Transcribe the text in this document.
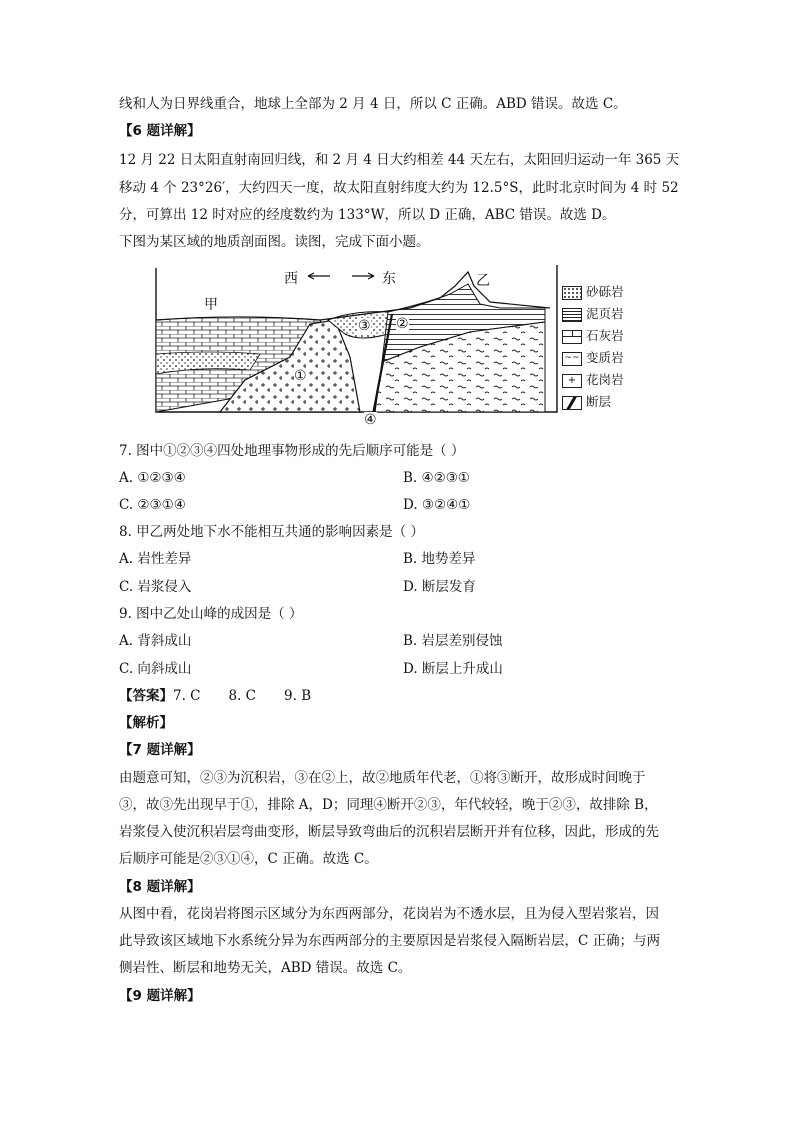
线和人为日界线重合，地球上全部为 2 月 4 日，所以 C 正确。ABD 错误。故选 C。
【6 题详解】
12 月 22 日太阳直射南回归线，和 2 月 4 日大约相差 44 天左右，太阳回归运动一年 365 天
移动 4 个 23°26′，大约四天一度，故太阳直射纬度大约为 12.5°S，此时北京时间为 4 时 52
分，可算出 12 时对应的经度数约为 133°W，所以 D 正确，ABC 错误。故选 D。
下图为某区域的地质剖面图。读图，完成下面小题。
西	东
甲
乙
①
②
③
④
砂砾岩
泥页岩
石灰岩
~~ 变质岩
+ 花岗岩
断层
7. 图中①②③④四处地理事物形成的先后顺序可能是（ ）
A. ①②③④	B. ④②③①
C. ②③①④	D. ③②④①
8. 甲乙两处地下水不能相互共通的影响因素是（ ）
A. 岩性差异	B. 地势差异
C. 岩浆侵入	D. 断层发育
9. 图中乙处山峰的成因是（ ）
A. 背斜成山	B. 岩层差别侵蚀
C. 向斜成山	D. 断层上升成山
【答案】7. C 8. C 9. B
【解析】
【7 题详解】
由题意可知，②③为沉积岩，③在②上，故②地质年代老，①将③断开，故形成时间晚于
③，故③先出现早于①，排除 A，D；同理④断开②③，年代较轻，晚于②③，故排除 B，
岩浆侵入使沉积岩层弯曲变形，断层导致弯曲后的沉积岩层断开并有位移，因此，形成的先
后顺序可能是②③①④，C 正确。故选 C。
【8 题详解】
从图中看，花岗岩将图示区域分为东西两部分，花岗岩为不透水层，且为侵入型岩浆岩，因
此导致该区域地下水系统分异为东西两部分的主要原因是岩浆侵入隔断岩层，C 正确；与两
侧岩性、断层和地势无关，ABD 错误。故选 C。
【9 题详解】
